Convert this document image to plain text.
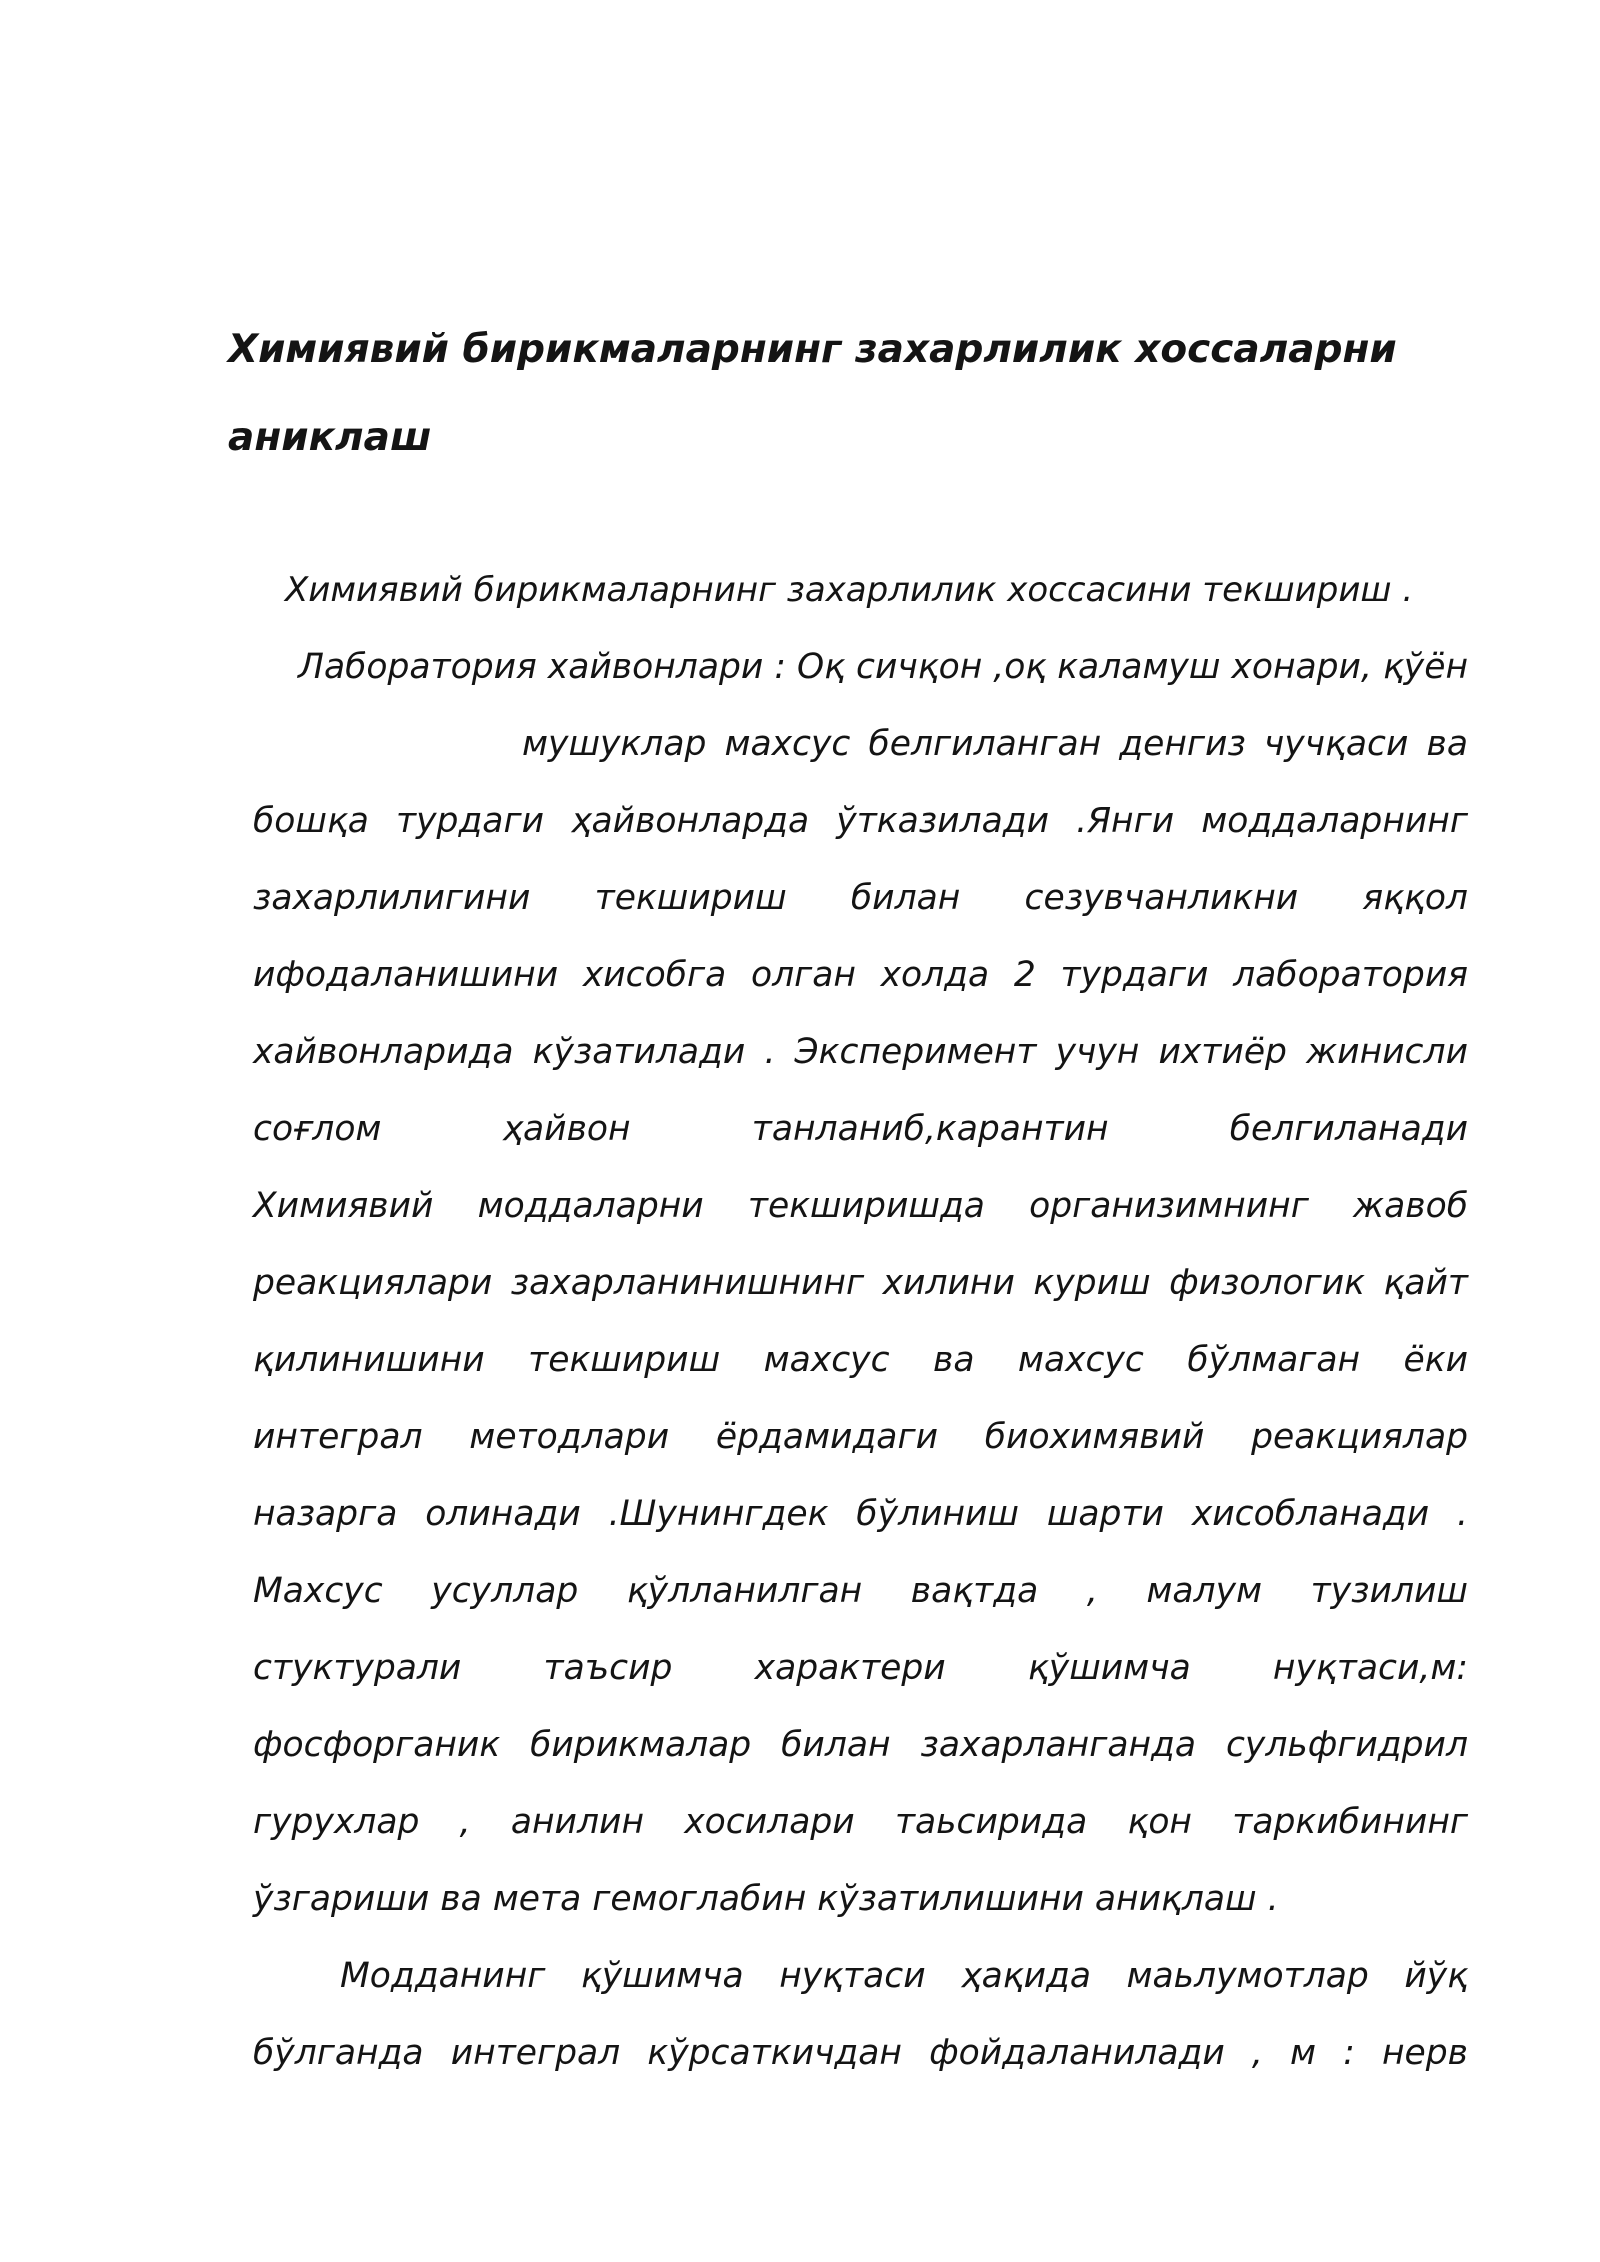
Химиявий бирикмаларнинг захарлилик хоссаларни
аниклаш
Химиявий бирикмаларнинг захарлилик хоссасини текшириш .
Лаборатория хайвонлари : Оқ сичқон ,оқ каламуш хонари, қўён
мушуклар махсус белгиланган денгиз чучқаси ва
бошқа турдаги ҳайвонларда ўтказилади .Янги моддаларнинг
захарлилигини текшириш билан сезувчанликни яққол
ифодаланишини хисобга олган холда 2 турдаги лаборатория
хайвонларида кўзатилади . Эксперимент учун ихтиёр жинисли
соғлом ҳайвон танланиб,карантин белгиланади
Химиявий моддаларни текширишда организимнинг жавоб
реакциялари захарланинишнинг хилини куриш физологик қайт
қилинишини текшириш махсус ва махсус бўлмаган ёки
интеграл методлари ёрдамидаги биохимявий реакциялар
назарга олинади .Шунингдек бўлиниш шарти хисобланади .
Махсус усуллар қўлланилган вақтда , малум тузилиш
стуктурали таъсир характери қўшимча нуқтаси,м:
фосфорганик бирикмалар билан захарланганда сульфгидрил
гурухлар , анилин хосилари таьсирида қон таркибининг
ўзгариши ва мета гемоглабин кўзатилишини аниқлаш .
Модданинг қўшимча нуқтаси ҳақида маьлумотлар йўқ
бўлганда интеграл кўрсаткичдан фойдаланилади , м : нерв
